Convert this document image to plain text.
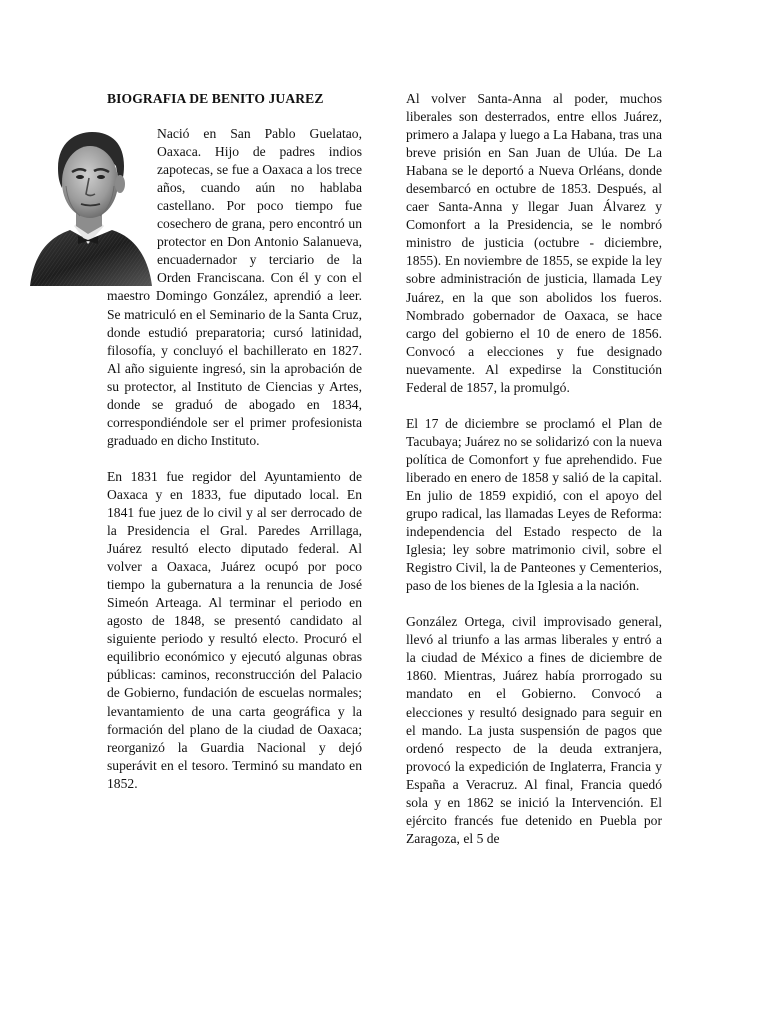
BIOGRAFIA DE BENITO JUAREZ

Nació en San Pablo Guelatao, Oaxaca. Hijo de padres indios zapotecas, se fue a Oaxaca a los trece años, cuando aún no hablaba castellano. Por poco tiempo fue cosechero de grana, pero encontró un protector en Don Antonio Salanueva, encuadernador y terciario de la Orden Franciscana. Con él y con el maestro Domingo González, aprendió a leer. Se matriculó en el Seminario de la Santa Cruz, donde estudió preparatoria; cursó latinidad, filosofía, y concluyó el bachillerato en 1827. Al año siguiente ingresó, sin la aprobación de su protector, al Instituto de Ciencias y Artes, donde se graduó de abogado en 1834, correspondiéndole ser el primer profesionista graduado en dicho Instituto.

En 1831 fue regidor del Ayuntamiento de Oaxaca y en 1833, fue diputado local. En 1841 fue juez de lo civil y al ser derrocado de la Presidencia el Gral. Paredes Arrillaga, Juárez resultó electo diputado federal. Al volver a Oaxaca, Juárez ocupó por poco tiempo la gubernatura a la renuncia de José Simeón Arteaga. Al terminar el periodo en agosto de 1848, se presentó candidato al siguiente periodo y resultó electo. Procuró el equilibrio económico y ejecutó algunas obras públicas: caminos, reconstrucción del Palacio de Gobierno, fundación de escuelas normales; levantamiento de una carta geográfica y la formación del plano de la ciudad de Oaxaca; reorganizó la Guardia Nacional y dejó superávit en el tesoro. Terminó su mandato en 1852.

Al volver Santa-Anna al poder, muchos liberales son desterrados, entre ellos Juárez, primero a Jalapa y luego a La Habana, tras una breve prisión en San Juan de Ulúa. De La Habana se le deportó a Nueva Orléans, donde desembarcó en octubre de 1853. Después, al caer Santa-Anna y llegar Juan Álvarez y Comonfort a la Presidencia, se le nombró ministro de justicia (octubre - diciembre, 1855). En noviembre de 1855, se expide la ley sobre administración de justicia, llamada Ley Juárez, en la que son abolidos los fueros. Nombrado gobernador de Oaxaca, se hace cargo del gobierno el 10 de enero de 1856. Convocó a elecciones y fue designado nuevamente. Al expedirse la Constitución Federal de 1857, la promulgó.

El 17 de diciembre se proclamó el Plan de Tacubaya; Juárez no se solidarizó con la nueva política de Comonfort y fue aprehendido. Fue liberado en enero de 1858 y salió de la capital. En julio de 1859 expidió, con el apoyo del grupo radical, las llamadas Leyes de Reforma: independencia del Estado respecto de la Iglesia; ley sobre matrimonio civil, sobre el Registro Civil, la de Panteones y Cementerios, paso de los bienes de la Iglesia a la nación.

González Ortega, civil improvisado general, llevó al triunfo a las armas liberales y entró a la ciudad de México a fines de diciembre de 1860. Mientras, Juárez había prorrogado su mandato en el Gobierno. Convocó a elecciones y resultó designado para seguir en el mando. La justa suspensión de pagos que ordenó respecto de la deuda extranjera, provocó la expedición de Inglaterra, Francia y España a Veracruz. Al final, Francia quedó sola y en 1862 se inició la Intervención. El ejército francés fue detenido en Puebla por Zaragoza, el 5 de
